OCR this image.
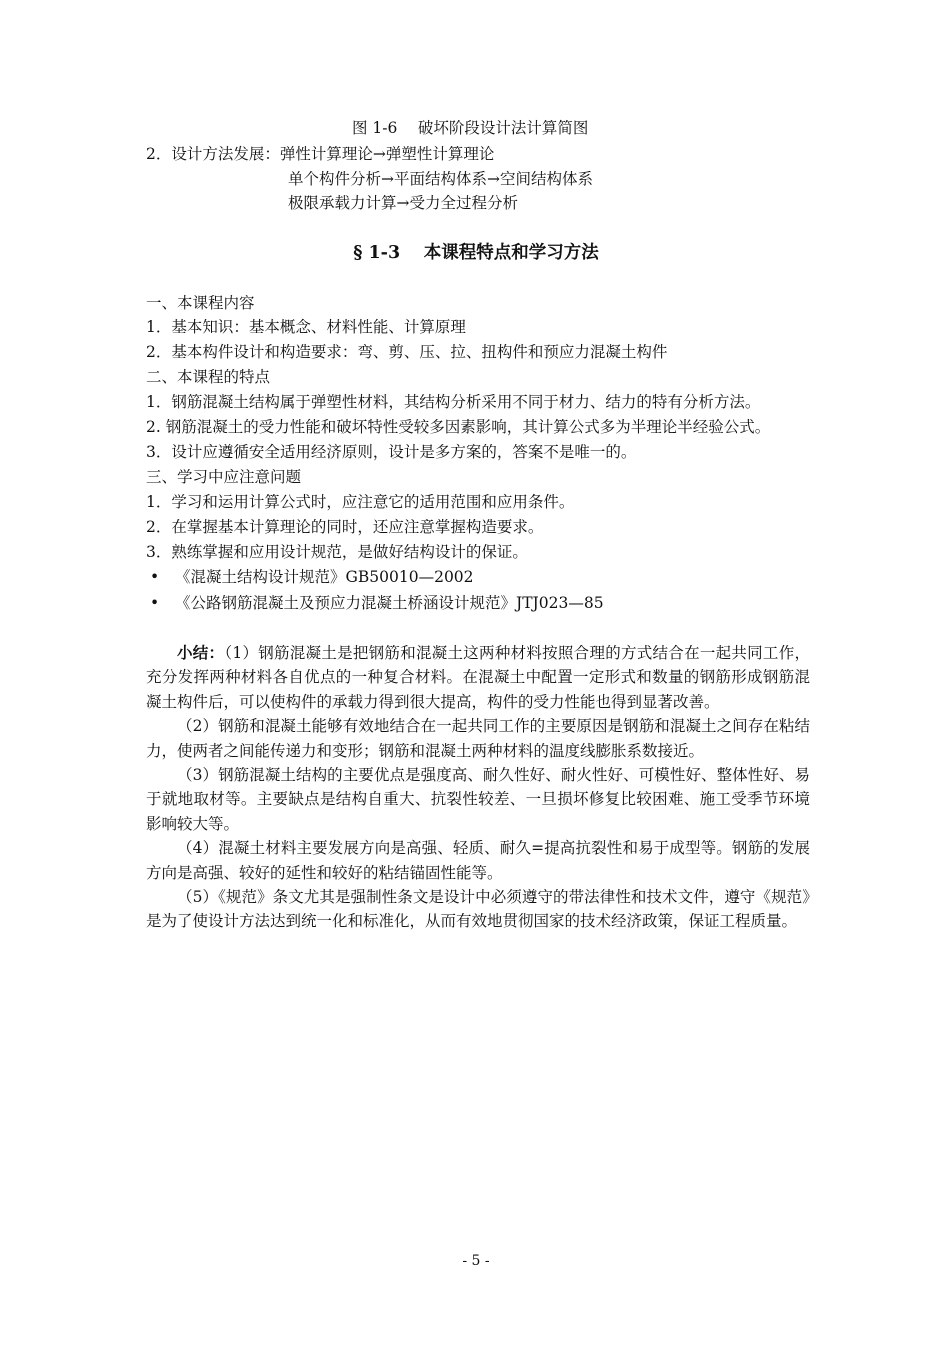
图 1-6　 破坏阶段设计法计算简图
2．设计方法发展：弹性计算理论→弹塑性计算理论
单个构件分析→平面结构体系→空间结构体系
极限承载力计算→受力全过程分析
§ 1-3　 本课程特点和学习方法
一、本课程内容
1．基本知识：基本概念、材料性能、计算原理
2．基本构件设计和构造要求：弯、剪、压、拉、扭构件和预应力混凝土构件
二、本课程的特点
1．钢筋混凝土结构属于弹塑性材料，其结构分析采用不同于材力、结力的特有分析方法。
2. 钢筋混凝土的受力性能和破坏特性受较多因素影响，其计算公式多为半理论半经验公式。
3．设计应遵循安全适用经济原则，设计是多方案的，答案不是唯一的。
三、学习中应注意问题
1．学习和运用计算公式时，应注意它的适用范围和应用条件。
2．在掌握基本计算理论的同时，还应注意掌握构造要求。
3．熟练掌握和应用设计规范，是做好结构设计的保证。
• 《混凝土结构设计规范》GB50010—2002
• 《公路钢筋混凝土及预应力混凝土桥涵设计规范》JTJ023—85

小结：（1）钢筋混凝土是把钢筋和混凝土这两种材料按照合理的方式结合在一起共同工作，充分发挥两种材料各自优点的一种复合材料。在混凝土中配置一定形式和数量的钢筋形成钢筋混凝土构件后，可以使构件的承载力得到很大提高，构件的受力性能也得到显著改善。

（2）钢筋和混凝土能够有效地结合在一起共同工作的主要原因是钢筋和混凝土之间存在粘结力，使两者之间能传递力和变形；钢筋和混凝土两种材料的温度线膨胀系数接近。

（3）钢筋混凝土结构的主要优点是强度高、耐久性好、耐火性好、可模性好、整体性好、易于就地取材等。主要缺点是结构自重大、抗裂性较差、一旦损坏修复比较困难、施工受季节环境影响较大等。

（4）混凝土材料主要发展方向是高强、轻质、耐久=提高抗裂性和易于成型等。钢筋的发展方向是高强、较好的延性和较好的粘结锚固性能等。

（5）《规范》条文尤其是强制性条文是设计中必须遵守的带法律性和技术文件，遵守《规范》是为了使设计方法达到统一化和标准化，从而有效地贯彻国家的技术经济政策，保证工程质量。

- 5 -
